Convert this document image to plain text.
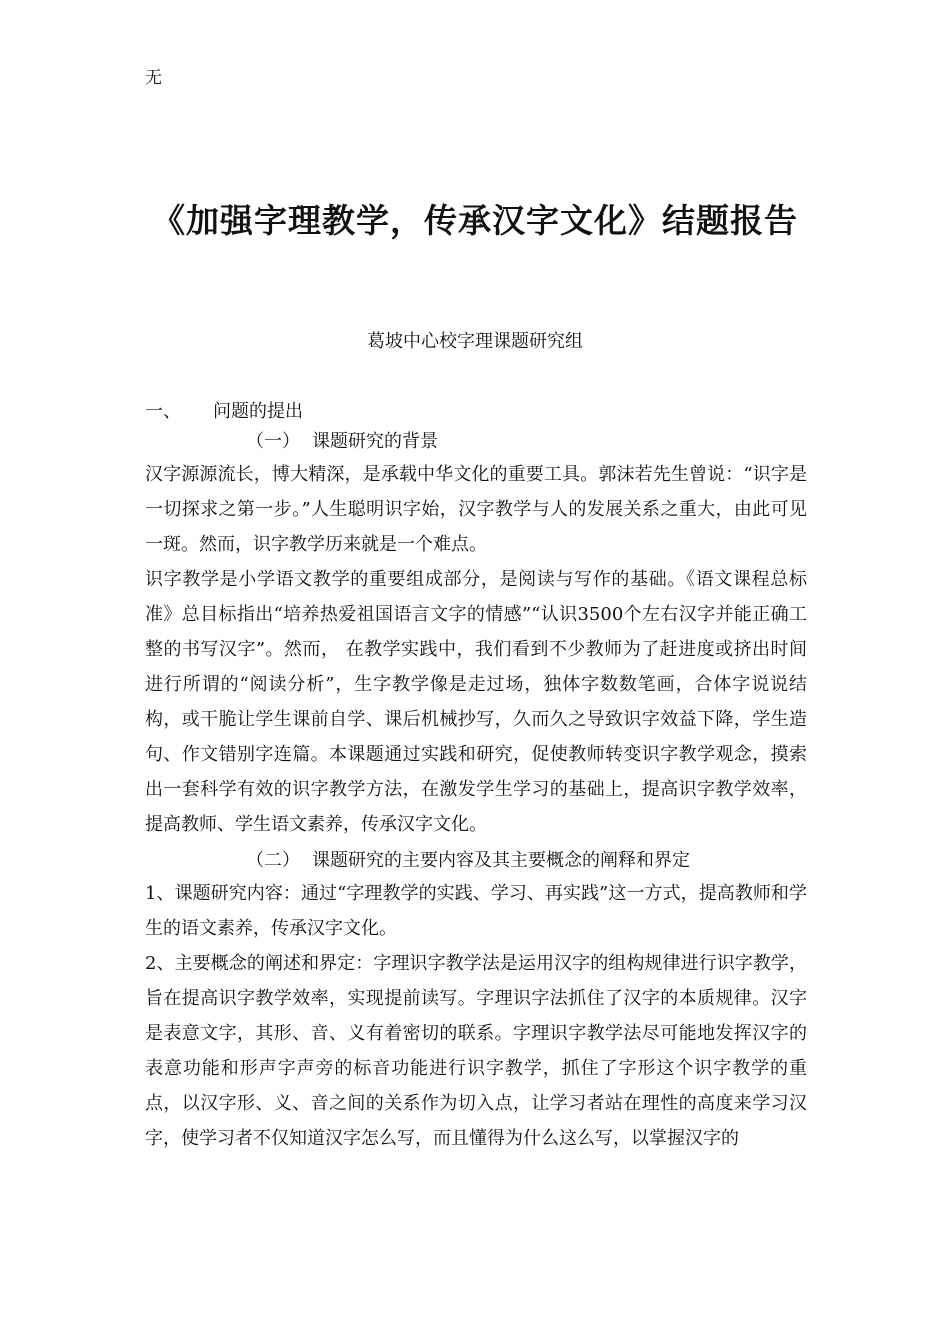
无
《加强字理教学，传承汉字文化》结题报告
葛坡中心校字理课题研究组

一、 问题的提出

（一） 课题研究的背景

汉字源源流长，博大精深，是承载中华文化的重要工具。郭沫若先生曾说：“识字是一切探求之第一步。”人生聪明识字始，汉字教学与人的发展关系之重大，由此可见一斑。然而，识字教学历来就是一个难点。

识字教学是小学语文教学的重要组成部分，是阅读与写作的基础。《语文课程总标准》总目标指出“培养热爱祖国语言文字的情感”“认识3500个左右汉字并能正确工整的书写汉字”。然而， 在教学实践中，我们看到不少教师为了赶进度或挤出时间进行所谓的“阅读分析”，生字教学像是走过场，独体字数数笔画，合体字说说结构，或干脆让学生课前自学、课后机械抄写，久而久之导致识字效益下降，学生造句、作文错别字连篇。本课题通过实践和研究，促使教师转变识字教学观念，摸索出一套科学有效的识字教学方法，在激发学生学习的基础上，提高识字教学效率，提高教师、学生语文素养，传承汉字文化。

（二） 课题研究的主要内容及其主要概念的阐释和界定

1、课题研究内容：通过“字理教学的实践、学习、再实践”这一方式，提高教师和学生的语文素养，传承汉字文化。

2、主要概念的阐述和界定：字理识字教学法是运用汉字的组构规律进行识字教学，旨在提高识字教学效率，实现提前读写。字理识字法抓住了汉字的本质规律。汉字是表意文字，其形、音、义有着密切的联系。字理识字教学法尽可能地发挥汉字的表意功能和形声字声旁的标音功能进行识字教学，抓住了字形这个识字教学的重点，以汉字形、义、音之间的关系作为切入点，让学习者站在理性的高度来学习汉字，使学习者不仅知道汉字怎么写，而且懂得为什么这么写，以掌握汉字的
